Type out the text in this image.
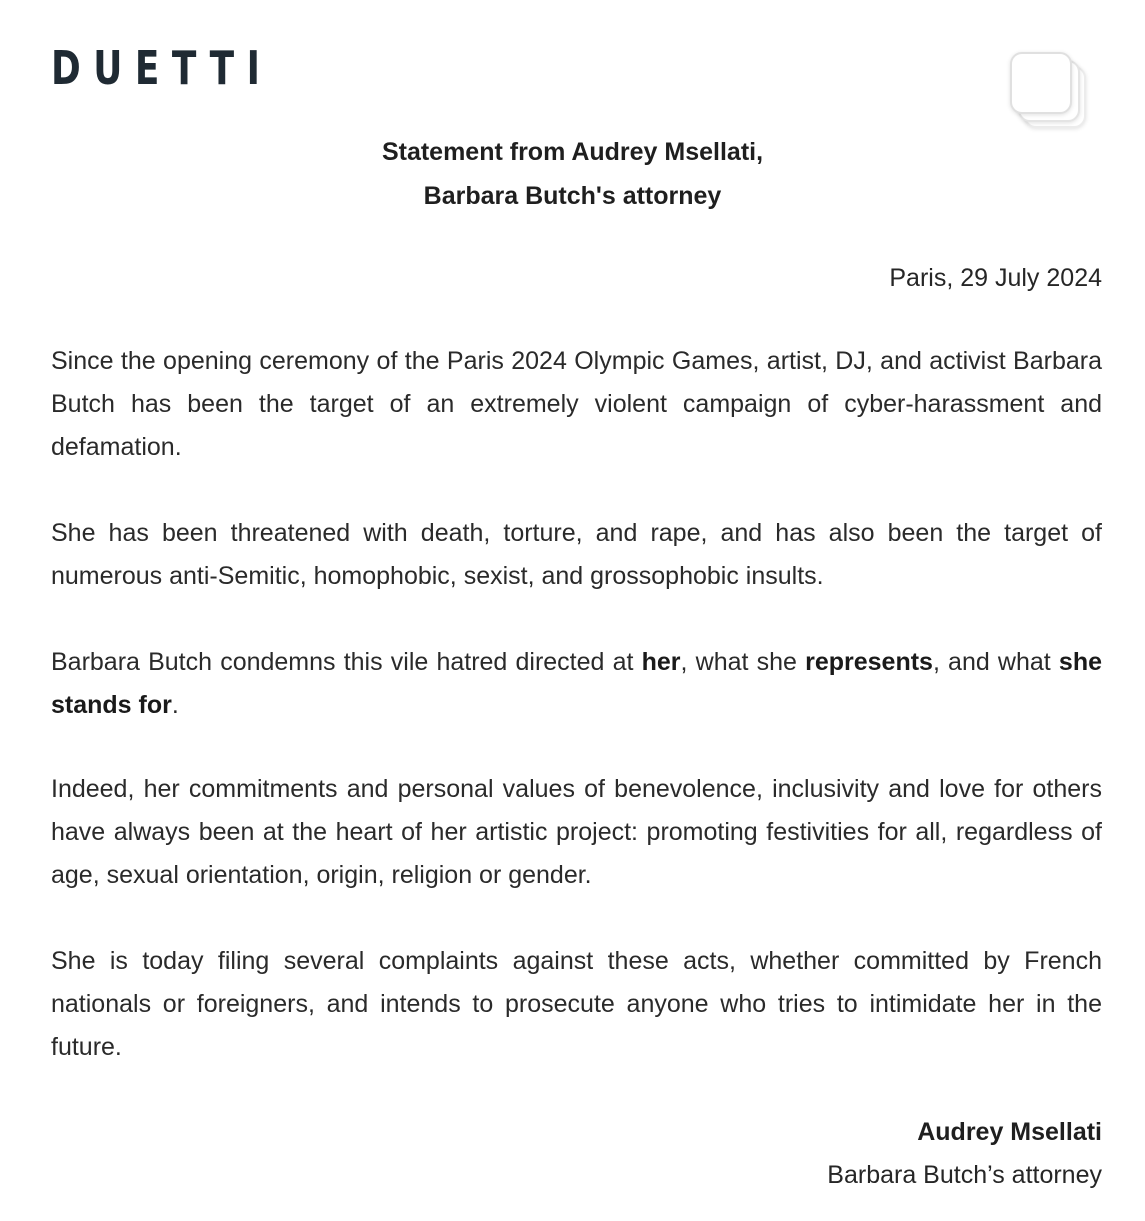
DUETTI
Statement from Audrey Msellati,
Barbara Butch's attorney
Paris, 29 July 2024
Since the opening ceremony of the Paris 2024 Olympic Games, artist, DJ, and activist Barbara Butch has been the target of an extremely violent campaign of cyber-harassment and defamation.
She has been threatened with death, torture, and rape, and has also been the target of numerous anti-Semitic, homophobic, sexist, and grossophobic insults.
Barbara Butch condemns this vile hatred directed at her, what she represents, and what she stands for.
Indeed, her commitments and personal values of benevolence, inclusivity and love for others have always been at the heart of her artistic project: promoting festivities for all, regardless of age, sexual orientation, origin, religion or gender.
She is today filing several complaints against these acts, whether committed by French nationals or foreigners, and intends to prosecute anyone who tries to intimidate her in the future.
Audrey Msellati
Barbara Butch’s attorney
